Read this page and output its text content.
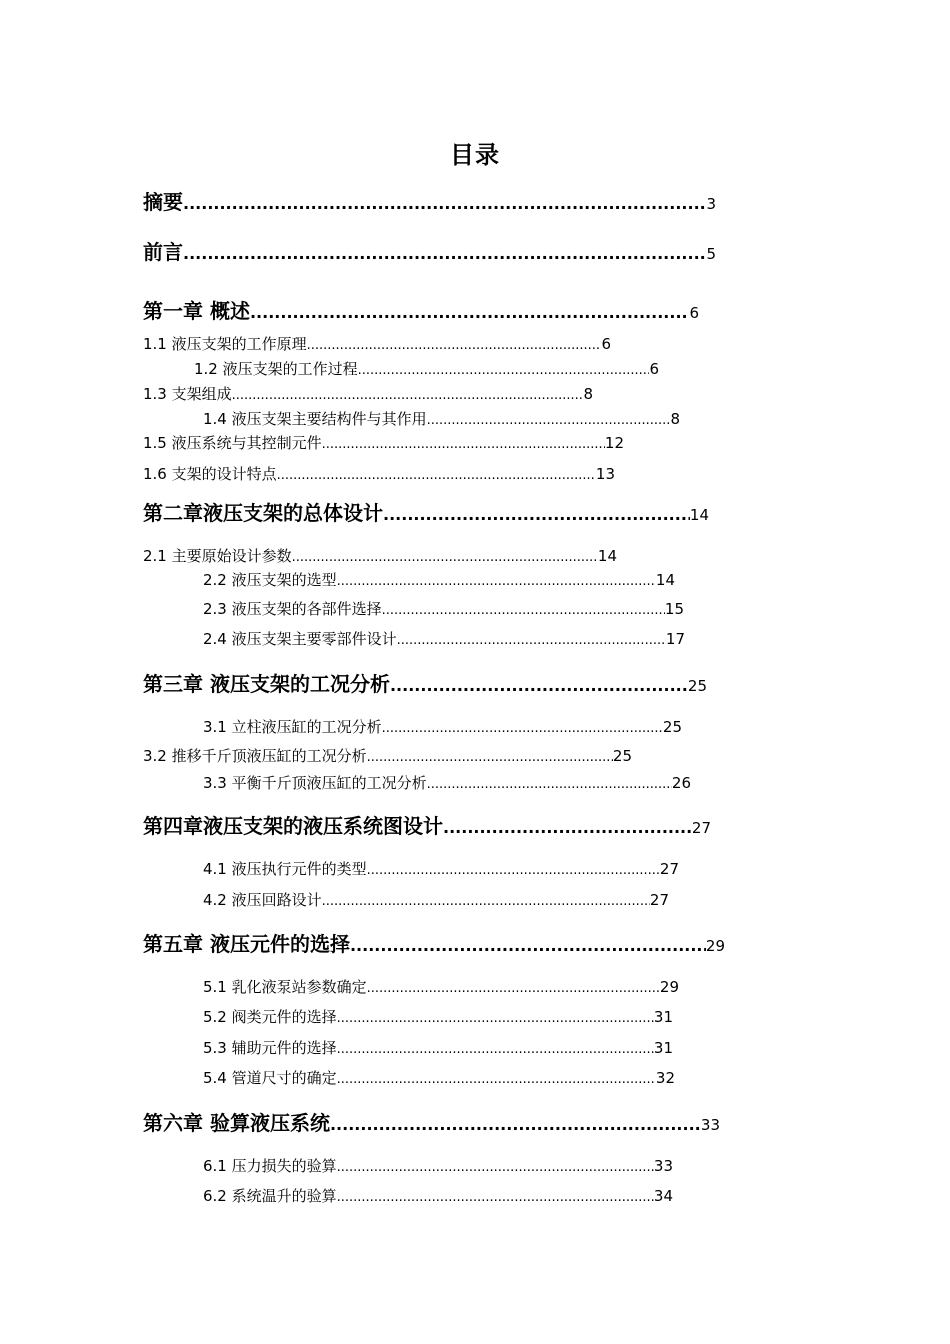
目录
摘要 .....	3
前言 .....	5
第一章 概述 .....	6
1.1 液压支架的工作原理 .....	6
1.2 液压支架的工作过程 .....	6
1.3 支架组成 .....	8
1.4 液压支架主要结构件与其作用 .....	8
1.5 液压系统与其控制元件 .....	12
1.6 支架的设计特点 .....	13
第二章液压支架的总体设计 .....	14
2.1 主要原始设计参数 .....	14
2.2 液压支架的选型 .....	14
2.3 液压支架的各部件选择 .....	15
2.4 液压支架主要零部件设计 .....	17
第三章 液压支架的工况分析 .....	25
3.1 立柱液压缸的工况分析 .....	25
3.2 推移千斤顶液压缸的工况分析 .....	25
3.3 平衡千斤顶液压缸的工况分析 .....	26
第四章液压支架的液压系统图设计 .....	27
4.1 液压执行元件的类型 .....	27
4.2 液压回路设计 .....	27
第五章 液压元件的选择 .....	29
5.1 乳化液泵站参数确定 .....	29
5.2 阀类元件的选择 .....	31
5.3 辅助元件的选择 .....	31
5.4 管道尺寸的确定 .....	32
第六章 验算液压系统 .....	33
6.1 压力损失的验算 .....	33
6.2 系统温升的验算 .....	34
